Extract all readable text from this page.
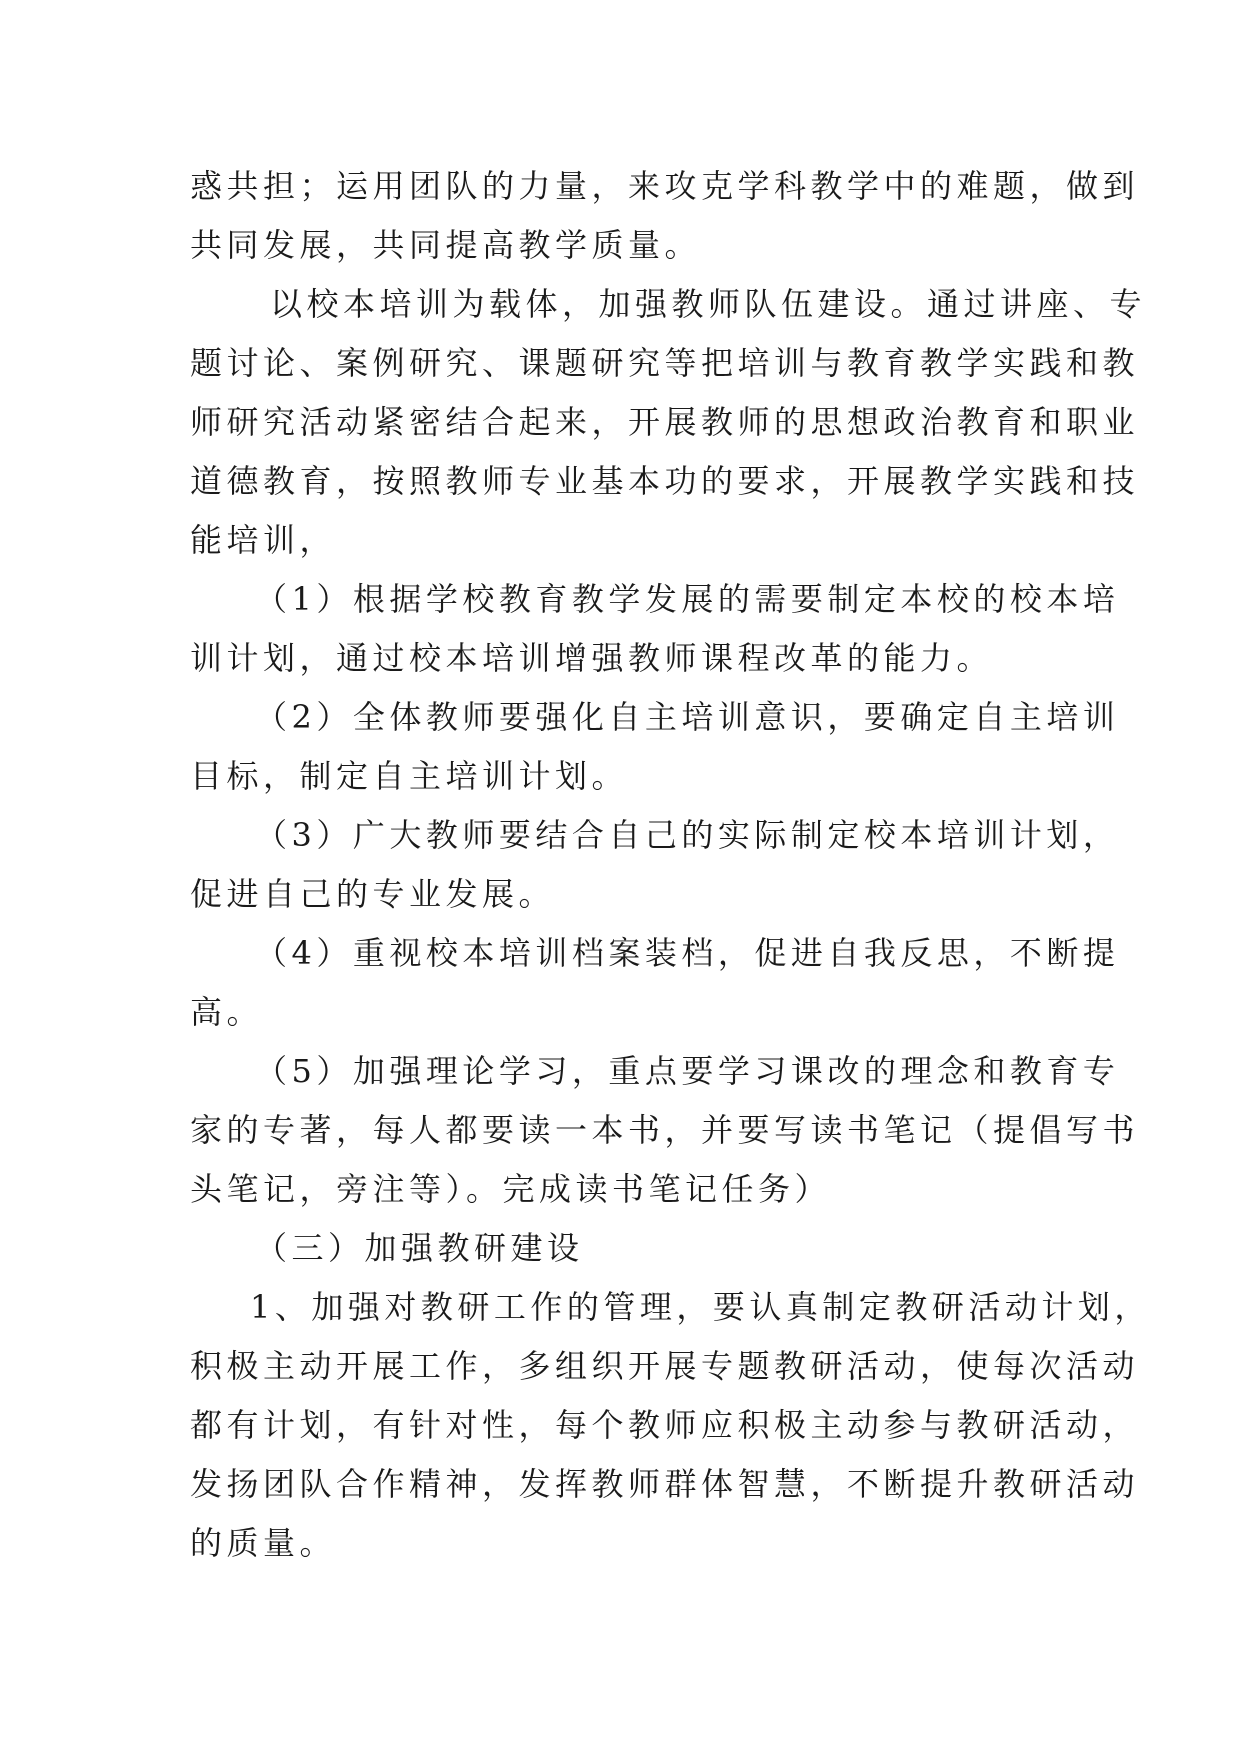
惑共担；运用团队的力量，来攻克学科教学中的难题，做到
共同发展，共同提高教学质量。
以校本培训为载体，加强教师队伍建设。通过讲座、专
题讨论、案例研究、课题研究等把培训与教育教学实践和教
师研究活动紧密结合起来，开展教师的思想政治教育和职业
道德教育，按照教师专业基本功的要求，开展教学实践和技
能培训，
（1）根据学校教育教学发展的需要制定本校的校本培
训计划，通过校本培训增强教师课程改革的能力。
（2）全体教师要强化自主培训意识，要确定自主培训
目标，制定自主培训计划。
（3）广大教师要结合自己的实际制定校本培训计划，
促进自己的专业发展。
（4）重视校本培训档案装档，促进自我反思，不断提
高。
（5）加强理论学习，重点要学习课改的理念和教育专
家的专著，每人都要读一本书，并要写读书笔记（提倡写书
头笔记，旁注等）。完成读书笔记任务）
（三）加强教研建设
1、加强对教研工作的管理，要认真制定教研活动计划，
积极主动开展工作，多组织开展专题教研活动，使每次活动
都有计划，有针对性，每个教师应积极主动参与教研活动，
发扬团队合作精神，发挥教师群体智慧，不断提升教研活动
的质量。
